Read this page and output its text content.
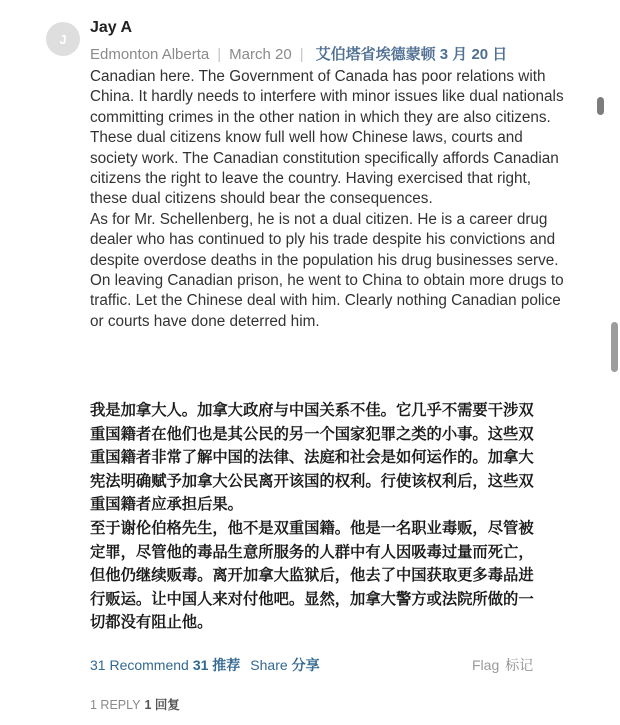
J
Jay A
Edmonton Alberta | March 20 | 艾伯塔省埃德蒙顿 3 月 20 日

Canadian here. The Government of Canada has poor relations with China. It hardly needs to interfere with minor issues like dual nationals committing crimes in the other nation in which they are also citizens. These dual citizens know full well how Chinese laws, courts and society work. The Canadian constitution specifically affords Canadian citizens the right to leave the country. Having exercised that right, these dual citizens should bear the consequences.

As for Mr. Schellenberg, he is not a dual citizen. He is a career drug dealer who has continued to ply his trade despite his convictions and despite overdose deaths in the population his drug businesses serve. On leaving Canadian prison, he went to China to obtain more drugs to traffic. Let the Chinese deal with him. Clearly nothing Canadian police or courts have done deterred him.

我是加拿大人。加拿大政府与中国关系不佳。它几乎不需要干涉双重国籍者在他们也是其公民的另一个国家犯罪之类的小事。这些双重国籍者非常了解中国的法律、法庭和社会是如何运作的。加拿大宪法明确赋予加拿大公民离开该国的权利。行使该权利后，这些双重国籍者应承担后果。

至于谢伦伯格先生，他不是双重国籍。他是一名职业毒贩，尽管被定罪，尽管他的毒品生意所服务的人群中有人因吸毒过量而死亡，但他仍继续贩毒。离开加拿大监狱后，他去了中国获取更多毒品进行贩运。让中国人来对付他吧。显然，加拿大警方或法院所做的一切都没有阻止他。

31 Recommend 31 推荐 Share 分享	Flag 标记
1 REPLY 1 回复
